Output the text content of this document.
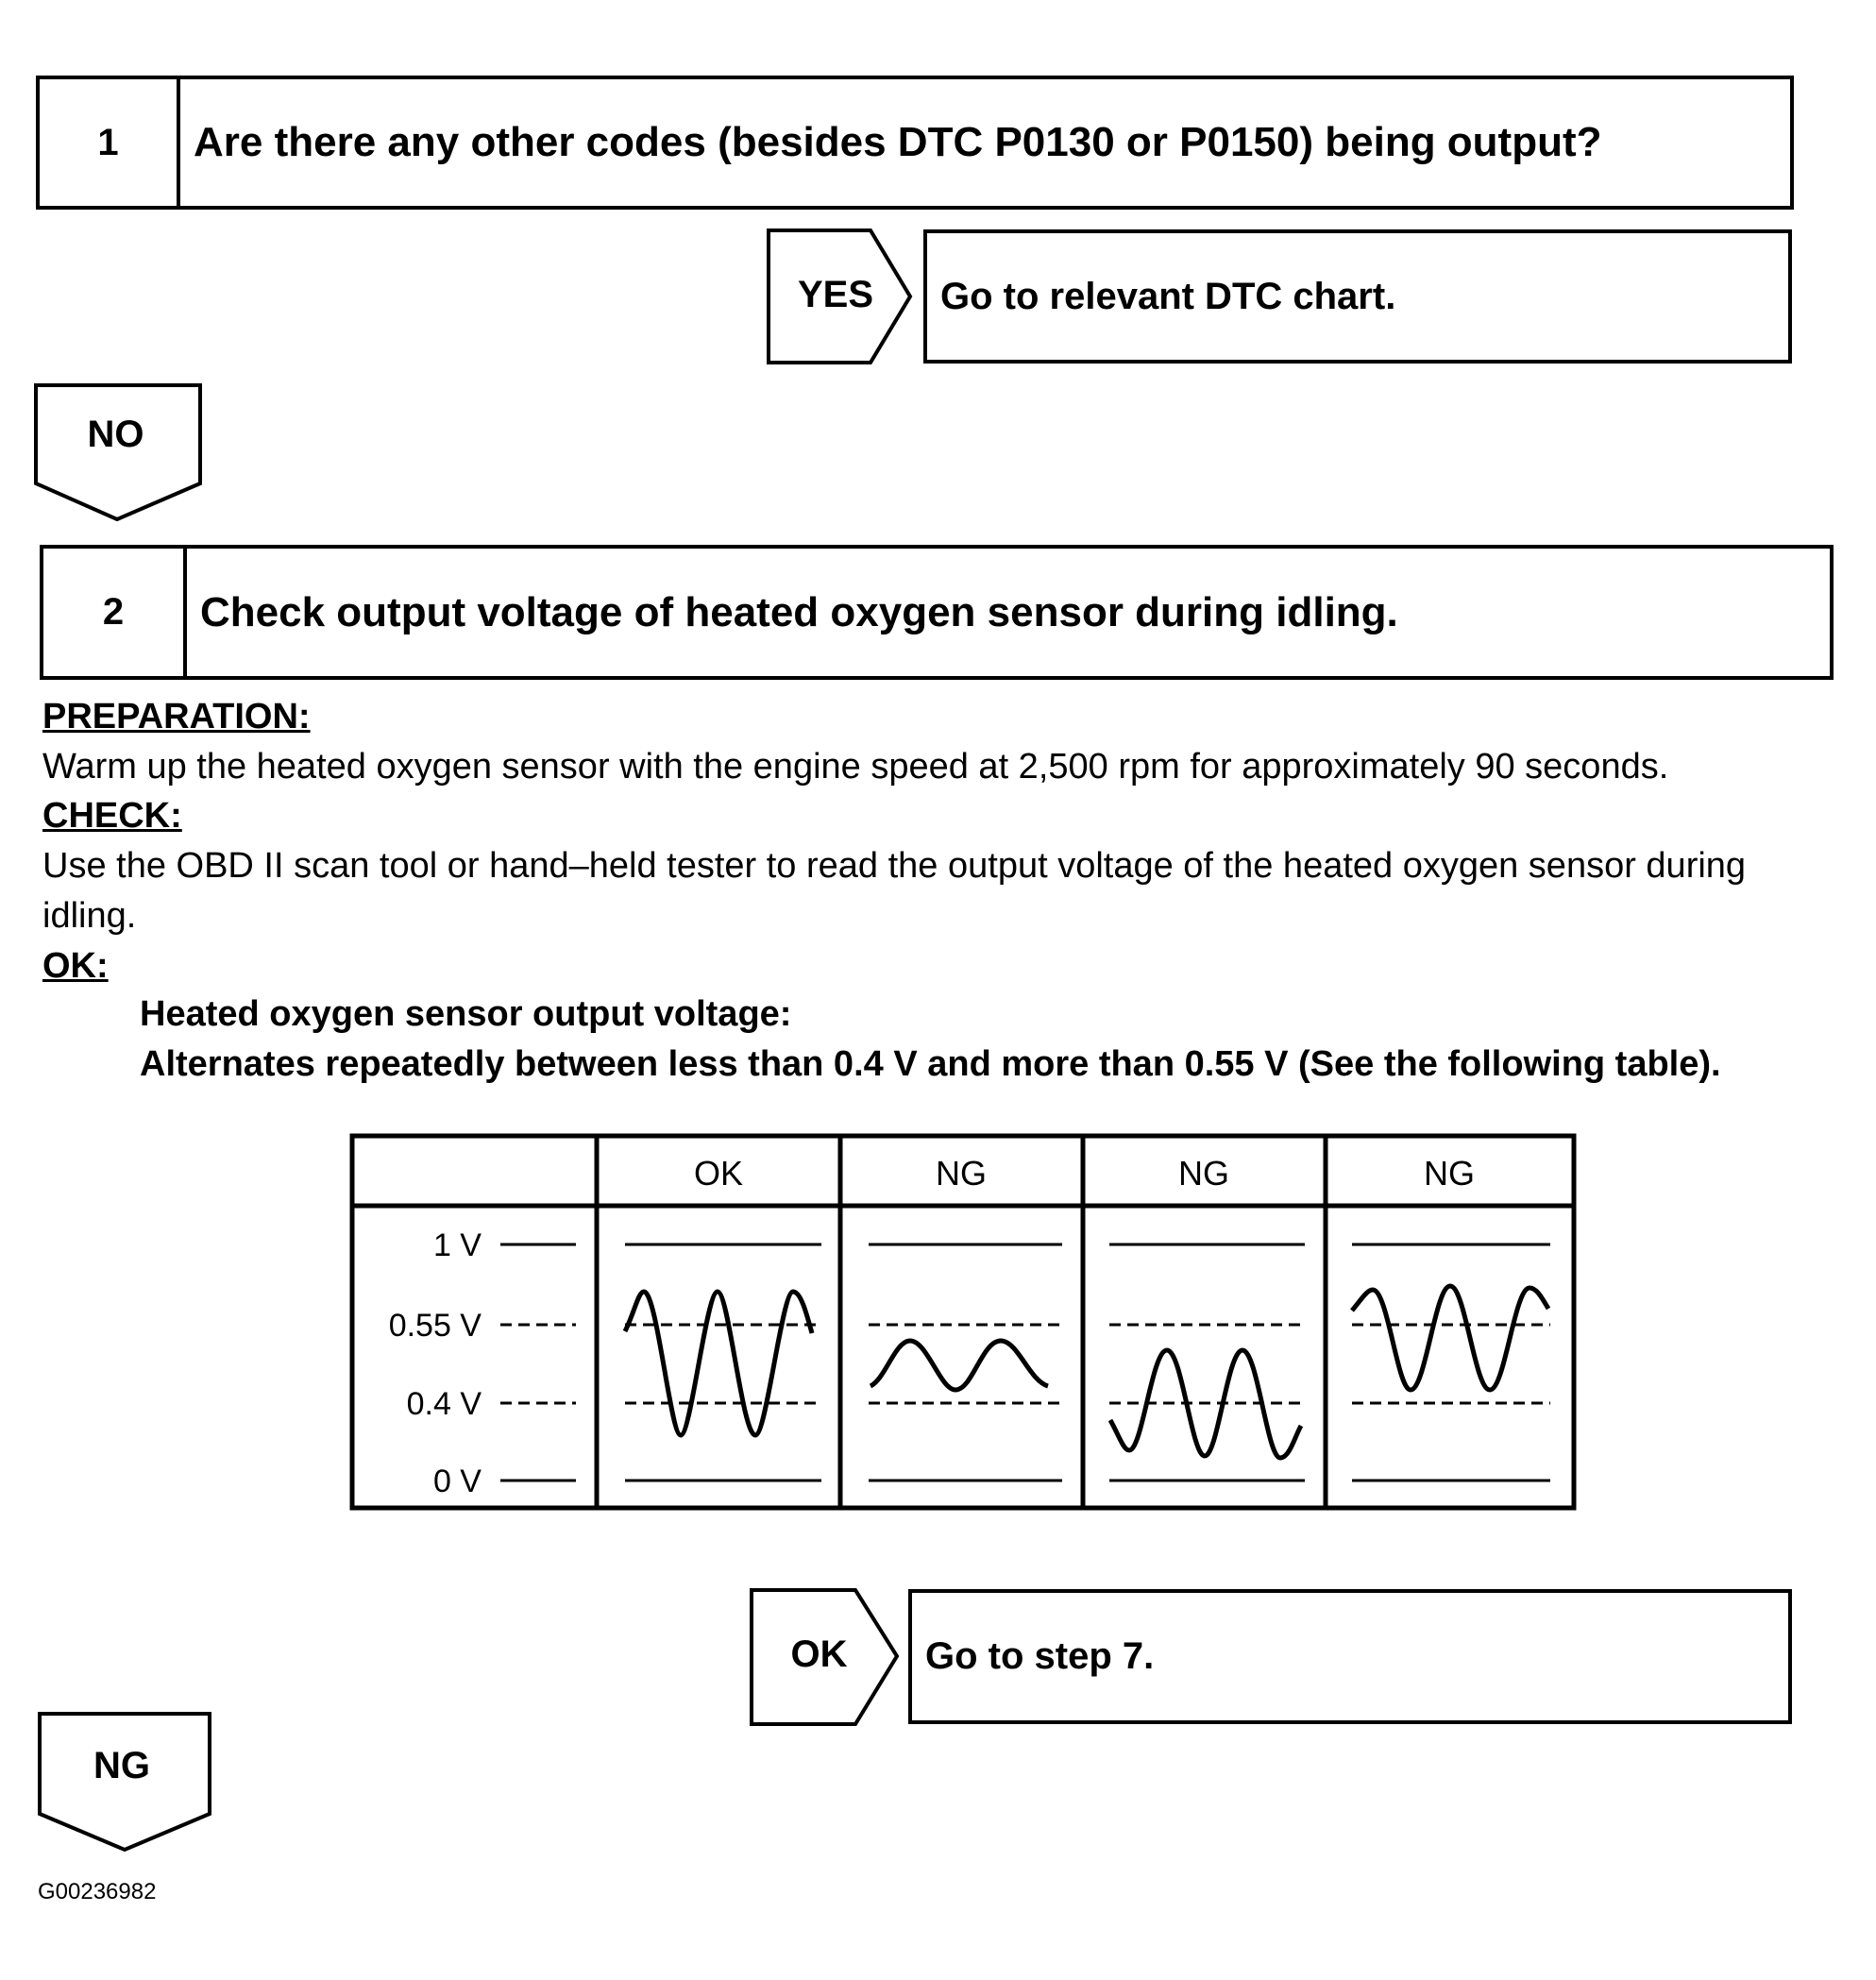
1	Are there any other codes (besides DTC P0130 or P0150) being output?
YES	Go to relevant DTC chart.
NO
2	Check output voltage of heated oxygen sensor during idling.
PREPARATION:
Warm up the heated oxygen sensor with the engine speed at 2,500 rpm for approximately 90 seconds.
CHECK:
Use the OBD II scan tool or hand–held tester to read the output voltage of the heated oxygen sensor during idling.
OK:
Heated oxygen sensor output voltage:
Alternates repeatedly between less than 0.4 V and more than 0.55 V (See the following table).
OK	NG	NG	NG
1 V
0.55 V
0.4 V
0 V
OK	Go to step 7.
NG
G00236982
